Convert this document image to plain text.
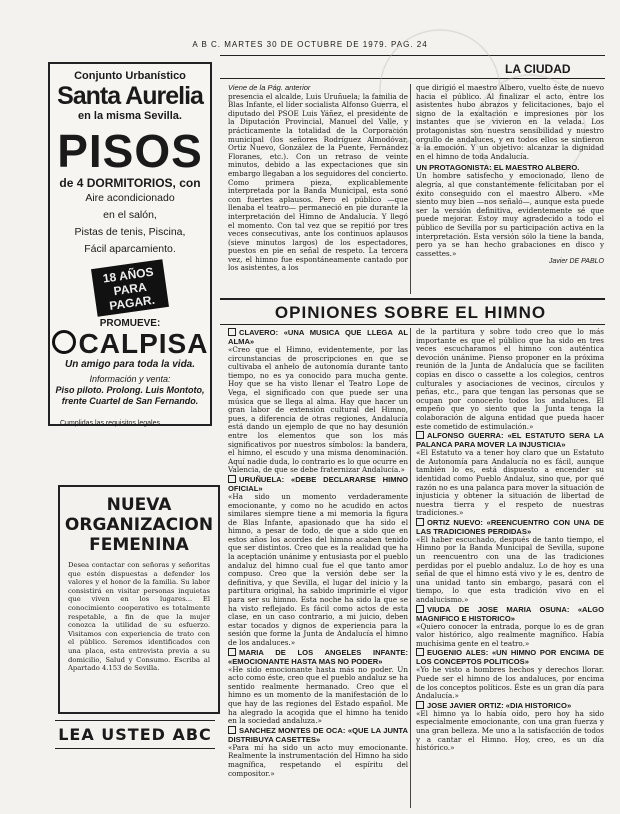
A B C. MARTES 30 DE OCTUBRE DE 1979. PAG. 24
LA CIUDAD
Conjunto Urbanístico
Santa Aurelia
en la misma Sevilla.
PISOS
de 4 DORMITORIOS, con
Aire acondicionado
en el salón,
Pistas de tenis, Piscina,
Fácil aparcamiento.
18 AÑOS PARA PAGAR.
PROMUEVE:
CALPISA
Un amigo para toda la vida.
Información y venta:
Piso piloto. Prolong. Luis Montoto,
frente Cuartel de San Fernando.
Cumplidas las requisitos legales.
NUEVA ORGANIZACION FEMENINA
Desea contactar con señoras y señoritas que estén dispuestas a defender los valores y el honor de la familia. Su labor consistirá en visitar personas inquietas que viven en los lugares... El conocimiento cooperativo es totalmente respetable, a fin de que la mujer conozca la utilidad de su esfuerzo. Visitamos con experiencia de trato con el público. Seremos identificados con una placa, esta entrevista previa a su domicilio, Salud y Consumo. Escriba al Apartado 4.153 de Sevilla.
LEA USTED ABC
Viene de la Pág. anterior
presencia el alcalde, Luis Uruñuela; la familia de Blas Infante, el líder socialista Alfonso Guerra, el diputado del PSOE Luis Yáñez, el presidente de la Diputación Provincial, Manuel del Valle, y prácticamente la totalidad de la Corporación municipal (los señores Rodríguez Almodóvar, Ortiz Nuevo, González de la Puente, Fernández Floranes, etc.). Con un retraso de veinte minutos, debido a las expectaciones que sin embargo llegaban a los seguidores del concierto. Como primera pieza, explicablemente interpretada por la Banda Municipal, esta sonó con fuertes aplausos. Pero el público —que llenaba el teatro— permaneció en pie durante la interpretación del Himno de Andalucía. Y llegó el momento. Con tal vez que se repitió por tres veces consecutivas, ante los continuos aplausos (sieve minutos largos) de los espectadores, puestos en pie en señal de respeto. La tercera vez, el himno fue espontáneamente cantado por los asistentes, a los
que dirigió el maestro Albero, vuelto éste de nuevo hacia el público. Al finalizar el acto, entre los asistentes hubo abrazos y felicitaciones, bajo el signo de la exaltación e impresiones por los instantes que se vivieron en la velada. Los protagonistas son nuestra sensibilidad y nuestro orgullo de andaluces, y en todos ellos se sintieron a la emoción. Y un objetivo: alcanzar la dignidad en el himno de toda Andalucía.
UN PROTAGONISTA: EL MAESTRO ALBERO.
Un hombre satisfecho y emocionado, lleno de alegría, al que constantemente felicitaban por el éxito conseguido con el maestro Albero. «Me siento muy bien —nos señaló—, aunque esta puede ser la versión definitiva, evidentemente sé que puede mejorar. Estoy muy agradecido a todo el público de Sevilla por su participación activa en la interpretación. Esta versión sólo la tiene la banda, pero ya se han hecho grabaciones en disco y cassettes.»
Javier DE PABLO
OPINIONES SOBRE EL HIMNO
CLAVERO: «UNA MUSICA QUE LLEGA AL ALMA»
«Creo que el Himno, evidentemente, por las circunstancias de proscripciones en que se cultivaba el anhelo de autonomía durante tanto tiempo, no es ya conocido para mucha gente. Hoy que se ha visto llenar el Teatro Lope de Vega, el significado con que puede ser una música que se llega al alma. Hay que hacer un gran labor de extensión cultural del Himno, pues, a diferencia de otras regiones, Andalucía está dando un ejemplo de que no hay desunión entre los elementos que son los más significativos por nuestros símbolos: la bandera, el himno, el escudo y una misma denominación. Aquí nadie duda, lo contrario es lo que ocurre en Valencia, de que se debe fraternizar Andalucía.»
URUÑUELA: «DEBE DECLARARSE HIMNO OFICIAL»
«Ha sido un momento verdaderamente emocionante, y como no he acudido en actos similares siempre tiene a mi memoria la figura de Blas Infante, apasionado que ha sido el himno, a pesar de todo, de que a sido que en estos años los acordes del himno acaben tenido que ser distintos. Creo que es la realidad que ha la aceptación unánime y entusiasta por el pueblo andaluz del himno cual fue el que tanto amor compuso. Creo que la versión debe ser la definitiva, y que Sevilla, el lugar del inicio y la partitura original, ha sabido imprimirle el vigor para ser su himno. Esta noche ha sido la que se ha visto reflejado. Es fácil como actos de esta clase, en un caso contrario, a mi juicio, deben estar tocados y dignos de experiencia para la sesión que forme la Junta de Andalucía el himno de los andaluces.»
MARIA DE LOS ANGELES INFANTE: «EMOCIONANTE HASTA MAS NO PODER»
«He sido emocionante hasta más no poder. Un acto como éste, creo que el pueblo andaluz se ha sentido realmente hermanado. Creo que el himno es un momento de la manifestación de lo que hay de las regiones del Estado español. Me ha alegrado la acogida que el himno ha tenido en la sociedad andaluza.»
SANCHEZ MONTES DE OCA: «QUE LA JUNTA DISTRIBUYA CASETTES»
«Para mí ha sido un acto muy emocionante. Realmente la instrumentación del Himno ha sido magnífica, respetando el espíritu del compositor.»
de la partitura y sobre todo creo que lo más importante es que el público que ha sido en tres veces escucharamos el himno con auténtica devoción unánime. Pienso proponer en la próxima reunión de la Junta de Andalucía que se faciliten copias en disco o cassette a los colegios, centros culturales y asociaciones de vecinos, círculos y peñas, etc., para que tengan las personas que se ocupan por conocerlo todos los andaluces. El empeño que yo siento que la Junta tenga la colaboración de alguna entidad que pueda hacer este cometido de estimulación.»
ALFONSO GUERRA: «EL ESTATUTO SERA LA PALANCA PARA MOVER LA INJUSTICIA»
«El Estatuto va a tener hoy claro que un Estatuto de Autonomía para Andalucía no es fácil, aunque también lo es, está dispuesto a encender su identidad como Pueblo Andaluz, sino que, por qué razón no es una palanca para mover la situación de injusticia y obtener la situación de libertad de nuestra tierra y el respeto de nuestras tradiciones.»
ORTIZ NUEVO: «REENCUENTRO CON UNA DE LAS TRADICIONES PERDIDAS»
«El haber escuchado, después de tanto tiempo, el Himno por la Banda Municipal de Sevilla, supone un reencuentro con una de las tradiciones perdidas por el pueblo andaluz. Lo de hoy es una señal de que el himno está vivo y le es, dentro de una unidad tanto sin embargo, pasará con el tiempo, lo que esta tradición vivo en el andalucismo.»
VIUDA DE JOSE MARIA OSUNA: «ALGO MAGNIFICO E HISTORICO»
«Quiero conocer la entrada, porque lo es de gran valor histórico, algo realmente magnífico. Había muchísima gente en el teatro.»
EUGENIO ALES: «UN HIMNO POR ENCIMA DE LOS CONCEPTOS POLITICOS»
«Yo he visto a hombres hechos y derechos llorar. Puede ser el himno de los andaluces, por encima de los conceptos políticos. Éste es un gran día para Andalucía.»
JOSE JAVIER ORTIZ: «DIA HISTORICO»
«El himno ya lo había oído, pero hoy ha sido especialmente emocionante, con una gran fuerza y una gran belleza. Me uno a la satisfacción de todos y a cantar el Himno. Hoy, creo, es un día histórico.»
